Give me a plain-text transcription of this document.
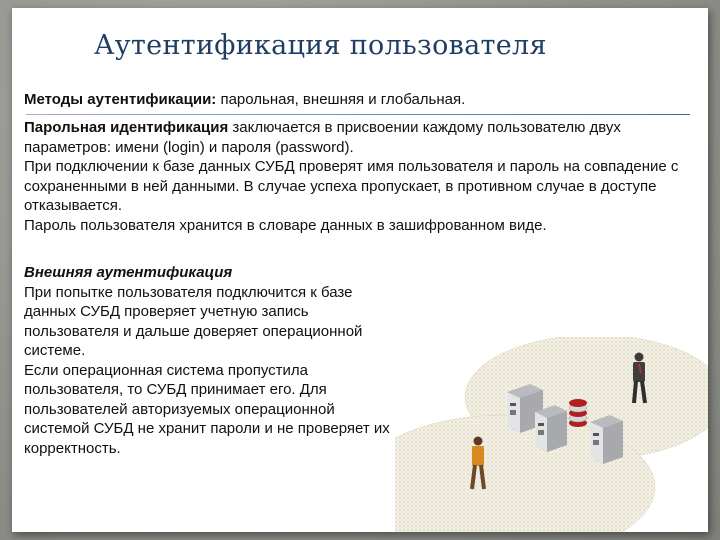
Аутентификация пользователя
Методы аутентификации: парольная, внешняя и глобальная.
Парольная идентификация заключается в присвоении каждому пользователю двух параметров: имени (login) и пароля (password).
При подключении к базе данных СУБД проверят имя пользователя и пароль на совпадение с сохраненными в ней данными. В случае успеха пропускает, в противном случае в доступе отказывается.
Пароль пользователя хранится в словаре данных в зашифрованном виде.
Внешняя аутентификация
При попытке пользователя подключится к базе данных СУБД проверяет учетную запись пользователя и дальше доверяет операционной системе.
Если операционная система пропустила пользователя, то СУБД принимает его. Для пользователей авторизуемых операционной системой СУБД не хранит пароли и не проверяет их корректность.
